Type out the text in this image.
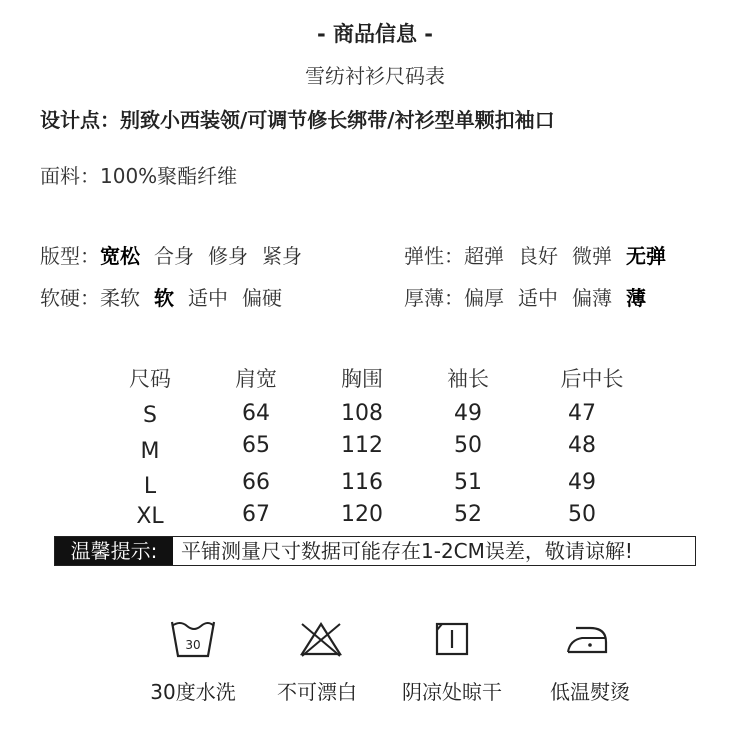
- 商品信息 -
雪纺衬衫尺码表
设计点：别致小西装领/可调节修长绑带/衬衫型单颗扣袖口
面料：100%聚酯纤维
版型：宽松 合身 修身 紧身	弹性：超弹 良好 微弹 无弹
软硬：柔软 软 适中 偏硬	厚薄：偏厚 适中 偏薄 薄
尺码	肩宽	胸围	袖长	后中长
S	64	108	49	47
M	65	112	50	48
L	66	116	51	49
XL	67	120	52	50
温馨提示:	平铺测量尺寸数据可能存在1-2CM误差，敬请谅解!
30
30度水洗	不可漂白	阴凉处晾干	低温熨烫
